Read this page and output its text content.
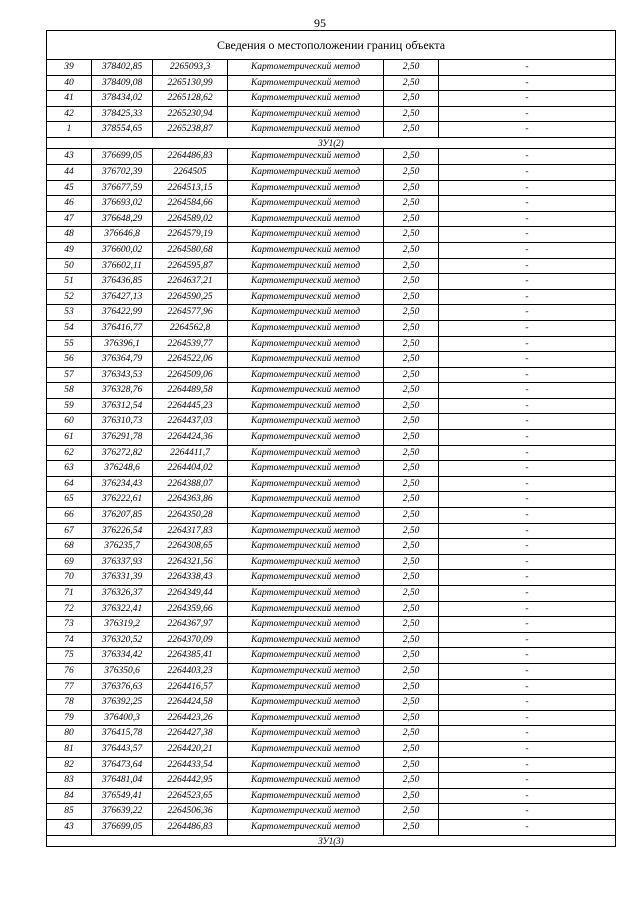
95
Сведения о местоположении границ объекта					
39	378402,85	2265093,3	Картометрический метод	2,50	-
40	378409,08	2265130,99	Картометрический метод	2,50	-
41	378434,02	2265128,62	Картометрический метод	2,50	-
42	378425,33	2265230,94	Картометрический метод	2,50	-
1	378554,65	2265238,87	Картометрический метод	2,50	-
ЗУ1(2)					
43	376699,05	2264486,83	Картометрический метод	2,50	-
44	376702,39	2264505	Картометрический метод	2,50	-
45	376677,59	2264513,15	Картометрический метод	2,50	-
46	376693,02	2264584,66	Картометрический метод	2,50	-
47	376648,29	2264589,02	Картометрический метод	2,50	-
48	376646,8	2264579,19	Картометрический метод	2,50	-
49	376600,02	2264580,68	Картометрический метод	2,50	-
50	376602,11	2264595,87	Картометрический метод	2,50	-
51	376436,85	2264637,21	Картометрический метод	2,50	-
52	376427,13	2264590,25	Картометрический метод	2,50	-
53	376422,99	2264577,96	Картометрический метод	2,50	-
54	376416,77	2264562,8	Картометрический метод	2,50	-
55	376396,1	2264539,77	Картометрический метод	2,50	-
56	376364,79	2264522,06	Картометрический метод	2,50	-
57	376343,53	2264509,06	Картометрический метод	2,50	-
58	376328,76	2264489,58	Картометрический метод	2,50	-
59	376312,54	2264445,23	Картометрический метод	2,50	-
60	376310,73	2264437,03	Картометрический метод	2,50	-
61	376291,78	2264424,36	Картометрический метод	2,50	-
62	376272,82	2264411,7	Картометрический метод	2,50	-
63	376248,6	2264404,02	Картометрический метод	2,50	-
64	376234,43	2264388,07	Картометрический метод	2,50	-
65	376222,61	2264363,86	Картометрический метод	2,50	-
66	376207,85	2264350,28	Картометрический метод	2,50	-
67	376226,54	2264317,83	Картометрический метод	2,50	-
68	376235,7	2264308,65	Картометрический метод	2,50	-
69	376337,93	2264321,56	Картометрический метод	2,50	-
70	376331,39	2264338,43	Картометрический метод	2,50	-
71	376326,37	2264349,44	Картометрический метод	2,50	-
72	376322,41	2264359,66	Картометрический метод	2,50	-
73	376319,2	2264367,97	Картометрический метод	2,50	-
74	376320,52	2264370,09	Картометрический метод	2,50	-
75	376334,42	2264385,41	Картометрический метод	2,50	-
76	376350,6	2264403,23	Картометрический метод	2,50	-
77	376376,63	2264416,57	Картометрический метод	2,50	-
78	376392,25	2264424,58	Картометрический метод	2,50	-
79	376400,3	2264423,26	Картометрический метод	2,50	-
80	376415,78	2264427,38	Картометрический метод	2,50	-
81	376443,57	2264420,21	Картометрический метод	2,50	-
82	376473,64	2264433,54	Картометрический метод	2,50	-
83	376481,04	2264442,95	Картометрический метод	2,50	-
84	376549,41	2264523,65	Картометрический метод	2,50	-
85	376639,22	2264506,36	Картометрический метод	2,50	-
43	376699,05	2264486,83	Картометрический метод	2,50	-
ЗУ1(3)					
